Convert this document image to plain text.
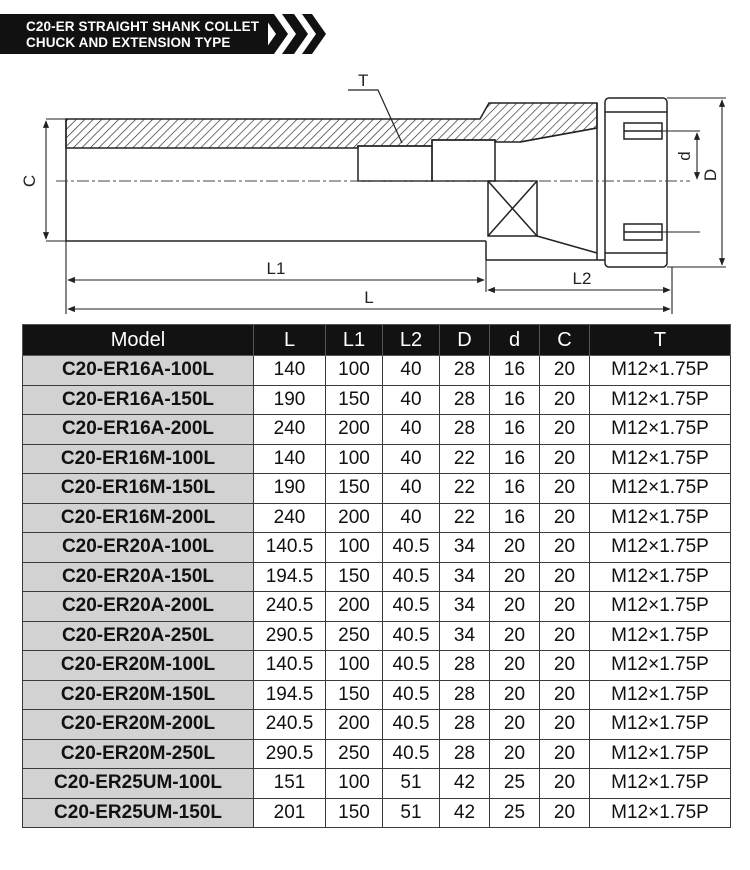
C20-ER STRAIGHT SHANK COLLET
CHUCK AND EXTENSION TYPE
T
C
d
D
L1
L2
L
Model	L	L1	L2	D	d	C	T
C20-ER16A-100L	140	100	40	28	16	20	M12×1.75P
C20-ER16A-150L	190	150	40	28	16	20	M12×1.75P
C20-ER16A-200L	240	200	40	28	16	20	M12×1.75P
C20-ER16M-100L	140	100	40	22	16	20	M12×1.75P
C20-ER16M-150L	190	150	40	22	16	20	M12×1.75P
C20-ER16M-200L	240	200	40	22	16	20	M12×1.75P
C20-ER20A-100L	140.5	100	40.5	34	20	20	M12×1.75P
C20-ER20A-150L	194.5	150	40.5	34	20	20	M12×1.75P
C20-ER20A-200L	240.5	200	40.5	34	20	20	M12×1.75P
C20-ER20A-250L	290.5	250	40.5	34	20	20	M12×1.75P
C20-ER20M-100L	140.5	100	40.5	28	20	20	M12×1.75P
C20-ER20M-150L	194.5	150	40.5	28	20	20	M12×1.75P
C20-ER20M-200L	240.5	200	40.5	28	20	20	M12×1.75P
C20-ER20M-250L	290.5	250	40.5	28	20	20	M12×1.75P
C20-ER25UM-100L	151	100	51	42	25	20	M12×1.75P
C20-ER25UM-150L	201	150	51	42	25	20	M12×1.75P
